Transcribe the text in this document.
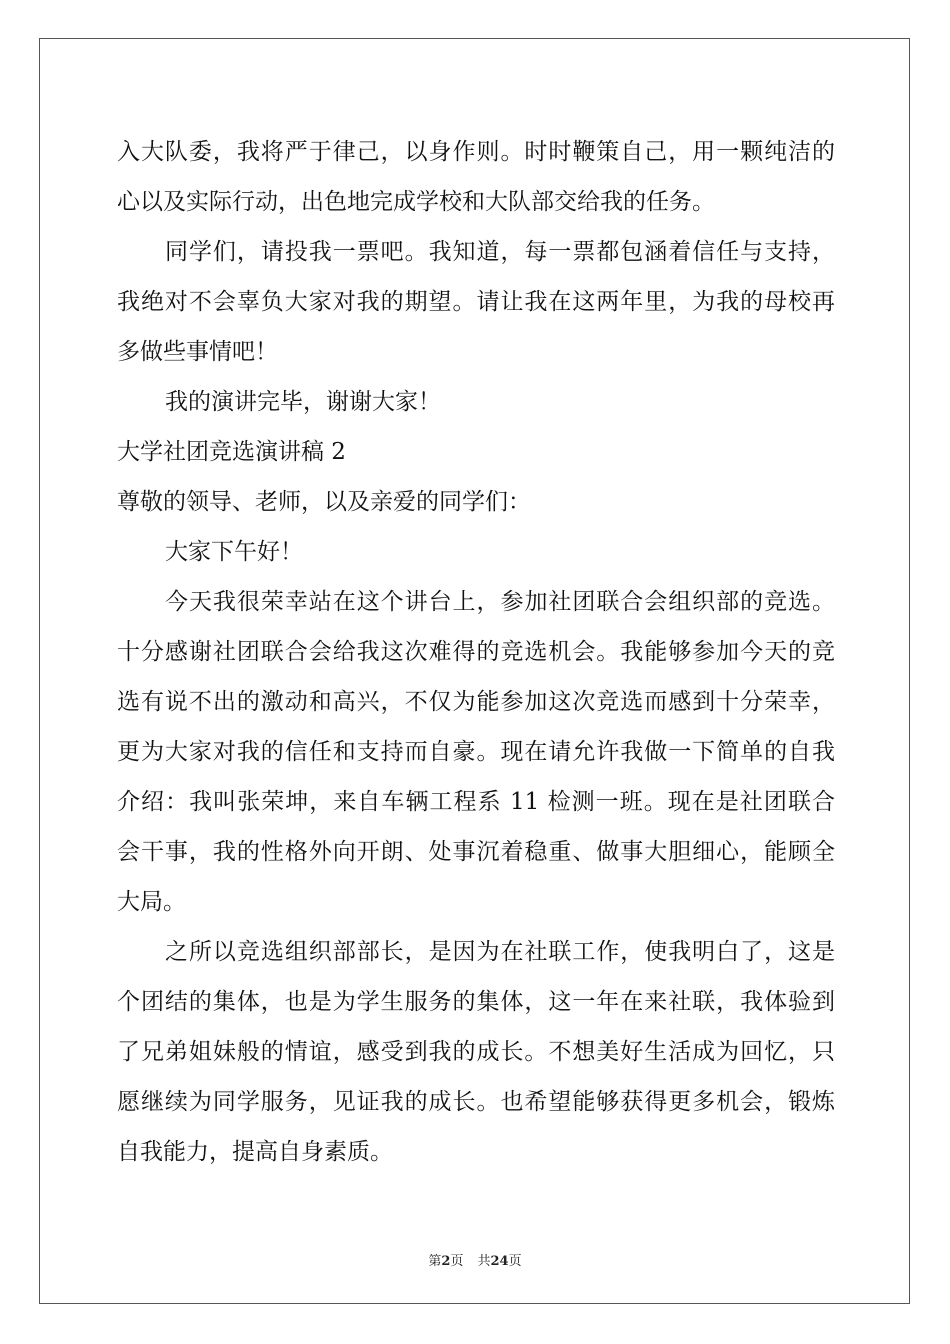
入大队委，我将严于律己，以身作则。时时鞭策自己，用一颗纯洁的
心以及实际行动，出色地完成学校和大队部交给我的任务。
同学们，请投我一票吧。我知道，每一票都包涵着信任与支持，
我绝对不会辜负大家对我的期望。请让我在这两年里，为我的母校再
多做些事情吧！
我的演讲完毕，谢谢大家！
大学社团竞选演讲稿 2
尊敬的领导、老师，以及亲爱的同学们：
大家下午好！
今天我很荣幸站在这个讲台上，参加社团联合会组织部的竞选。
十分感谢社团联合会给我这次难得的竞选机会。我能够参加今天的竞
选有说不出的激动和高兴，不仅为能参加这次竞选而感到十分荣幸，
更为大家对我的信任和支持而自豪。现在请允许我做一下简单的自我
介绍：我叫张荣坤，来自车辆工程系 11 检测一班。现在是社团联合
会干事，我的性格外向开朗、处事沉着稳重、做事大胆细心，能顾全
大局。
之所以竞选组织部部长，是因为在社联工作，使我明白了，这是
个团结的集体，也是为学生服务的集体，这一年在来社联，我体验到
了兄弟姐妹般的情谊，感受到我的成长。不想美好生活成为回忆，只
愿继续为同学服务，见证我的成长。也希望能够获得更多机会，锻炼
自我能力，提高自身素质。
第2页 共24页
